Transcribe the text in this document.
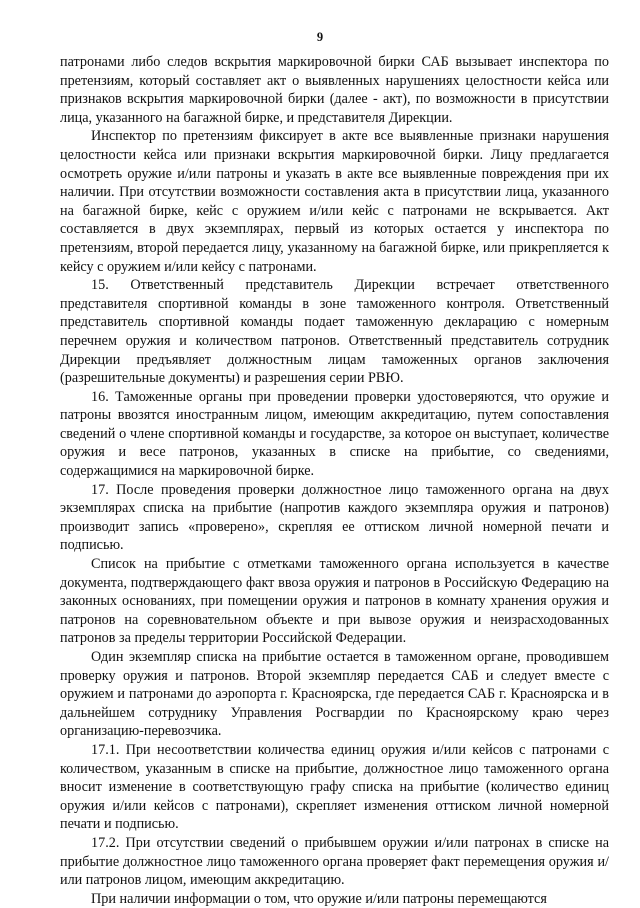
9

патронами либо следов вскрытия маркировочной бирки САБ вызывает инспектора по претензиям, который составляет акт о выявленных нарушениях целостности кейса или признаков вскрытия маркировочной бирки (далее - акт), по возможности в присутствии лица, указанного на багажной бирке, и представителя Дирекции.

Инспектор по претензиям фиксирует в акте все выявленные признаки нарушения целостности кейса или признаки вскрытия маркировочной бирки. Лицу предлагается осмотреть оружие и/или патроны и указать в акте все выявленные повреждения при их наличии. При отсутствии возможности составления акта в присутствии лица, указанного на багажной бирке, кейс с оружием и/или кейс с патронами не вскрывается. Акт составляется в двух экземплярах, первый из которых остается у инспектора по претензиям, второй передается лицу, указанному на багажной бирке, или прикрепляется к кейсу с оружием и/или кейсу с патронами.

15. Ответственный представитель Дирекции встречает ответственного представителя спортивной команды в зоне таможенного контроля. Ответственный представитель спортивной команды подает таможенную декларацию с номерным перечнем оружия и количеством патронов. Ответственный представитель сотрудник Дирекции предъявляет должностным лицам таможенных органов заключения (разрешительные документы) и разрешения серии РВЮ.

16. Таможенные органы при проведении проверки удостоверяются, что оружие и патроны ввозятся иностранным лицом, имеющим аккредитацию, путем сопоставления сведений о члене спортивной команды и государстве, за которое он выступает, количестве оружия и весе патронов, указанных в списке на прибытие, со сведениями, содержащимися на маркировочной бирке.

17. После проведения проверки должностное лицо таможенного органа на двух экземплярах списка на прибытие (напротив каждого экземпляра оружия и патронов) производит запись «проверено», скрепляя ее оттиском личной номерной печати и подписью.

Список на прибытие с отметками таможенного органа используется в качестве документа, подтверждающего факт ввоза оружия и патронов в Российскую Федерацию на законных основаниях, при помещении оружия и патронов в комнату хранения оружия и патронов на соревновательном объекте и при вывозе оружия и неизрасходованных патронов за пределы территории Российской Федерации.

Один экземпляр списка на прибытие остается в таможенном органе, проводившем проверку оружия и патронов. Второй экземпляр передается САБ и следует вместе с оружием и патронами до аэропорта г. Красноярска, где передается САБ г. Красноярска и в дальнейшем сотруднику Управления Росгвардии по Красноярскому краю через организацию-перевозчика.

17.1. При несоответствии количества единиц оружия и/или кейсов с патронами с количеством, указанным в списке на прибытие, должностное лицо таможенного органа вносит изменение в соответствующую графу списка на прибытие (количество единиц оружия и/или кейсов с патронами), скрепляет изменения оттиском личной номерной печати и подписью.

17.2. При отсутствии сведений о прибывшем оружии и/или патронах в списке на прибытие должностное лицо таможенного органа проверяет факт перемещения оружия и/или патронов лицом, имеющим аккредитацию.

При наличии информации о том, что оружие и/или патроны перемещаются
